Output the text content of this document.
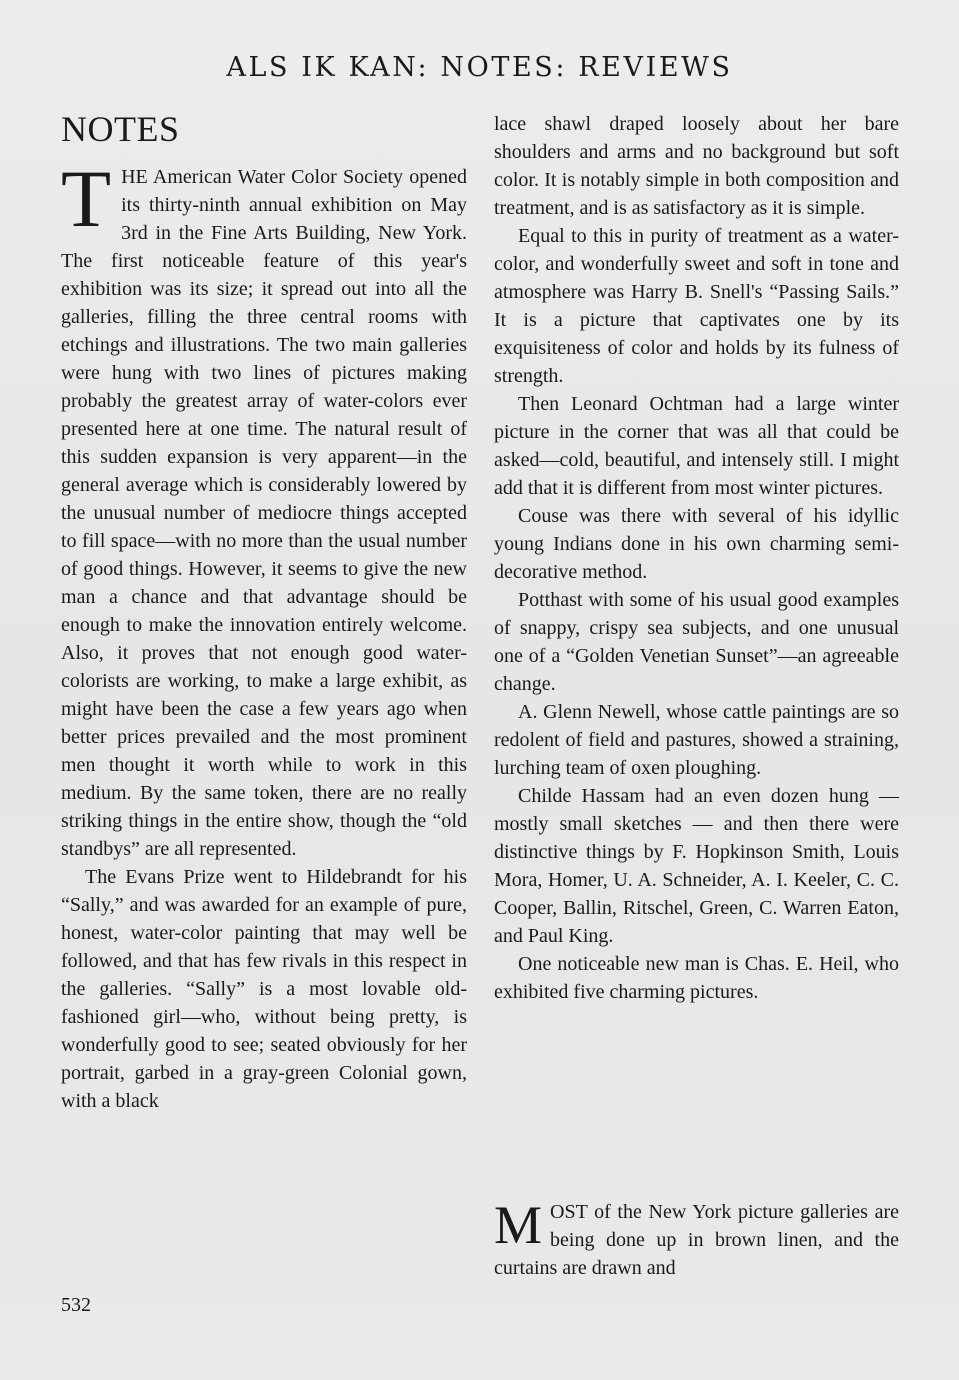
ALS IK KAN: NOTES: REVIEWS
NOTES

THE American Water Color Society opened its thirty-ninth annual exhibition on May 3rd in the Fine Arts Building, New York. The first noticeable feature of this year's exhibition was its size; it spread out into all the galleries, filling the three central rooms with etchings and illustrations. The two main galleries were hung with two lines of pictures making probably the greatest array of water-colors ever presented here at one time. The natural result of this sudden expansion is very apparent—in the general average which is considerably lowered by the unusual number of mediocre things accepted to fill space—with no more than the usual number of good things. However, it seems to give the new man a chance and that advantage should be enough to make the innovation entirely welcome. Also, it proves that not enough good water-colorists are working, to make a large exhibit, as might have been the case a few years ago when better prices prevailed and the most prominent men thought it worth while to work in this medium. By the same token, there are no really striking things in the entire show, though the “old standbys” are all represented.

The Evans Prize went to Hildebrandt for his “Sally,” and was awarded for an example of pure, honest, water-color painting that may well be followed, and that has few rivals in this respect in the galleries. “Sally” is a most lovable old-fashioned girl—who, without being pretty, is wonderfully good to see; seated obviously for her portrait, garbed in a gray-green Colonial gown, with a black

lace shawl draped loosely about her bare shoulders and arms and no background but soft color. It is notably simple in both composition and treatment, and is as satisfactory as it is simple.

Equal to this in purity of treatment as a water-color, and wonderfully sweet and soft in tone and atmosphere was Harry B. Snell's “Passing Sails.” It is a picture that captivates one by its exquisiteness of color and holds by its fulness of strength.

Then Leonard Ochtman had a large winter picture in the corner that was all that could be asked—cold, beautiful, and intensely still. I might add that it is different from most winter pictures.

Couse was there with several of his idyllic young Indians done in his own charming semi-decorative method.

Potthast with some of his usual good examples of snappy, crispy sea subjects, and one unusual one of a “Golden Venetian Sunset”—an agreeable change.

A. Glenn Newell, whose cattle paintings are so redolent of field and pastures, showed a straining, lurching team of oxen ploughing.

Childe Hassam had an even dozen hung — mostly small sketches — and then there were distinctive things by F. Hopkinson Smith, Louis Mora, Homer, U. A. Schneider, A. I. Keeler, C. C. Cooper, Ballin, Ritschel, Green, C. Warren Eaton, and Paul King.

One noticeable new man is Chas. E. Heil, who exhibited five charming pictures.

MOST of the New York picture galleries are being done up in brown linen, and the curtains are drawn and

532
